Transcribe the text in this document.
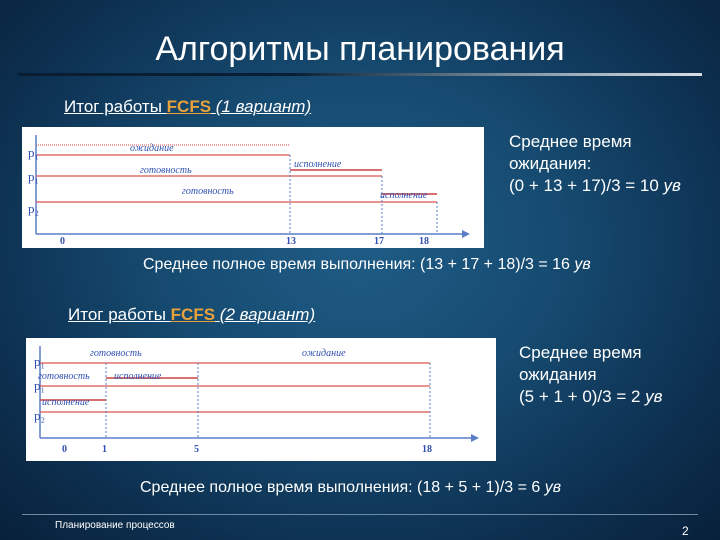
Алгоритмы планирования
Итог работы FCFS (1 вариант)
p₁
p₁
p₂
ожидание
готовность
исполнение
готовность	исполнение
0	13	17	18
Среднее время
ожидания:
(0 + 13 + 17)/3 = 10 ув
Среднее полное время выполнения: (13 + 17 + 18)/3 = 16 ув
Итог работы FCFS (2 вариант)
p₁
p₁
p₂
готовность	ожидание
готовность исполнение
исполнение
0	1	5	18
Среднее время
ожидания
(5 + 1 + 0)/3 = 2 ув
Среднее полное время выполнения: (18 + 5 + 1)/3 = 6 ув
Планирование процессов	2
